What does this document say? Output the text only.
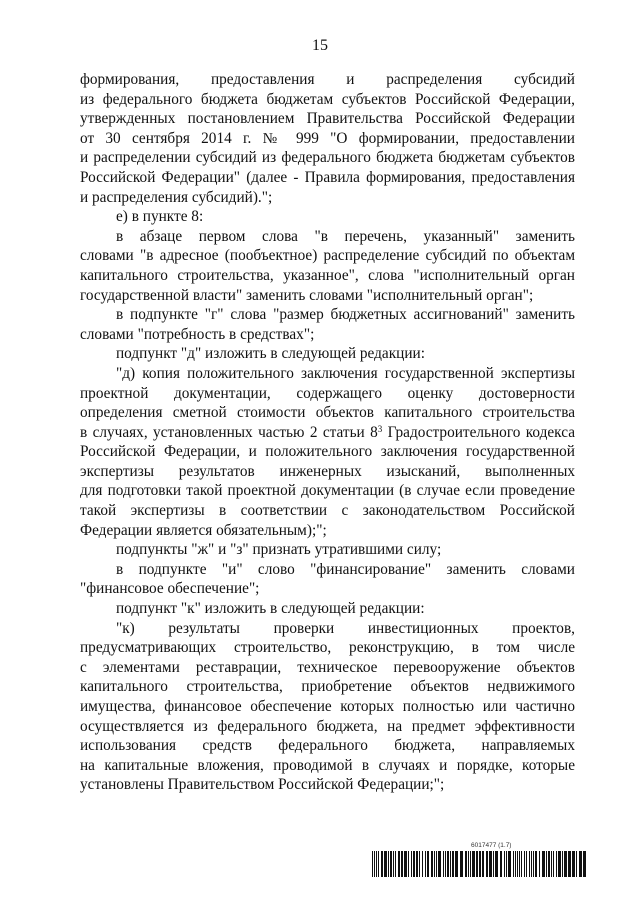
15
формирования, предоставления и распределения субсидий
из федерального бюджета бюджетам субъектов Российской Федерации,
утвержденных постановлением Правительства Российской Федерации
от 30 сентября 2014 г. № 999 "О формировании, предоставлении
и распределении субсидий из федерального бюджета бюджетам субъектов
Российской Федерации" (далее - Правила формирования, предоставления
и распределения субсидий).";
е) в пункте 8:
в абзаце первом слова "в перечень, указанный" заменить
словами "в адресное (пообъектное) распределение субсидий по объектам
капитального строительства, указанное", слова "исполнительный орган
государственной власти" заменить словами "исполнительный орган";
в подпункте "г" слова "размер бюджетных ассигнований" заменить
словами "потребность в средствах";
подпункт "д" изложить в следующей редакции:
"д) копия положительного заключения государственной экспертизы
проектной документации, содержащего оценку достоверности
определения сметной стоимости объектов капитального строительства
в случаях, установленных частью 2 статьи $8^3$ Градостроительного кодекса
Российской Федерации, и положительного заключения государственной
экспертизы результатов инженерных изысканий, выполненных
для подготовки такой проектной документации (в случае если проведение
такой экспертизы в соответствии с законодательством Российской
Федерации является обязательным);";
подпункты "ж" и "з" признать утратившими силу;
в подпункте "и" слово "финансирование" заменить словами
"финансовое обеспечение";
подпункт "к" изложить в следующей редакции:
"к) результаты проверки инвестиционных проектов,
предусматривающих строительство, реконструкцию, в том числе
с элементами реставрации, техническое перевооружение объектов
капитального строительства, приобретение объектов недвижимого
имущества, финансовое обеспечение которых полностью или частично
осуществляется из федерального бюджета, на предмет эффективности
использования средств федерального бюджета, направляемых
на капитальные вложения, проводимой в случаях и порядке, которые
установлены Правительством Российской Федерации;";
6017477 (1.7)
